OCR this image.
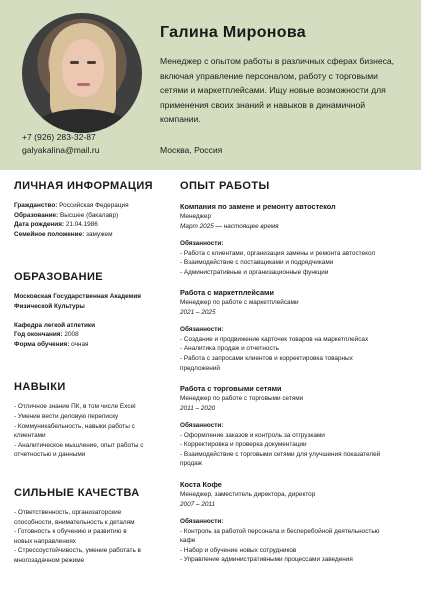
Галина Миронова
Менеджер с опытом работы в различных сферах бизнеса, включая управление персоналом, работу с торговыми сетями и маркетплейсами. Ищу новые возможности для применения своих знаний и навыков в динамичной компании.
+7 (926) 283-32-87
galyakalina@mail.ru	Москва, Россия
ЛИЧНАЯ ИНФОРМАЦИЯ
Гражданство: Российская Федерация
Образование: Высшее (бакалавр)
Дата рождения: 21.04.1986
Семейное положение: замужем
ОБРАЗОВАНИЕ
Московская Государственная Академия
Физической Культуры
Кафедра легкой атлетики
Год окончания: 2008
Форма обучения: очная
НАВЫКИ
- Отличное знание ПК, в том числе Excel
- Умение вести деловую переписку
- Коммуникабельность, навыки работы с
клиентами
- Аналитическое мышление, опыт работы с
отчетностью и данными
СИЛЬНЫЕ КАЧЕСТВА
- Ответственность, организаторские
способности, внимательность к деталям
- Готовность к обучению и развитию в
новых направлениях
- Стрессоустойчивость, умение работать в
многозадачном режиме
ОПЫТ РАБОТЫ
Компания по замене и ремонту автостекол
Менеджер
Март 2025 — настоящее время
Обязанности:
- Работа с клиентами, организация замены и ремонта автостекол
- Взаимодействие с поставщиками и подрядчиками
- Административные и организационные функции
Работа с маркетплейсами
Менеджер по работе с маркетплейсами
2021 – 2025
Обязанности:
- Создание и продвижение карточек товаров на маркетплейсах
- Аналитика продаж и отчетность
- Работа с запросами клиентов и корректировка товарных
предложений
Работа с торговыми сетями
Менеджер по работе с торговыми сетями
2011 – 2020
Обязанности:
- Оформление заказов и контроль за отгрузками
- Корректировка и проверка документации
- Взаимодействие с торговыми сетями для улучшения показателей
продаж
Коста Кофе
Менеджер, заместитель директора, директор
2007 – 2011
Обязанности:
- Контроль за работой персонала и бесперебойной деятельностью
кафе
- Набор и обучение новых сотрудников
- Управление административными процессами заведения
